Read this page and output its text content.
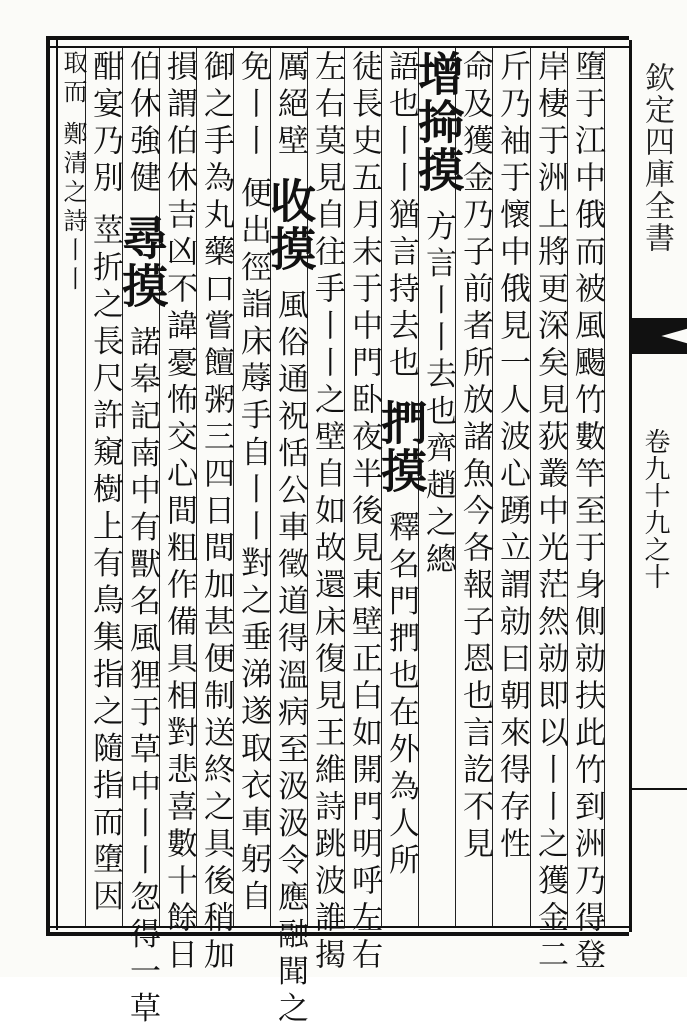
欽定四庫全書
卷九十九之十
墮于江中俄而被風颺竹數竿至于身側勍扶此竹到洲乃得登
岸棲于洲上將更深矣見荻叢中光茫然勍即以丨丨之獲金二
斤乃袖于懷中俄見一人波心踴立謂勍曰朝來得存性
命及獲金乃子前者所放諸魚今各報子恩也言訖不見
增掵摸 方言丨丨去也齊趙之總
語也丨丨猶言持去也 捫摸 釋名門捫也在外為人所
徒長史五月末于中門卧夜半後見東壁正白如開門明呼左右
左右莫見自往手丨丨之壁自如故還床復見王維詩跳波誰揭
厲絕壁 收摸 風俗通祝恬公車徵道得溫病至汲汲令應融聞之
免丨丨 便出徑詣床蓐手自丨丨對之垂涕遂取衣車躬自
御之手為丸藥口嘗饘粥三四日間加甚便制送終之具後稍加
損謂伯休吉凶不諱憂怖交心間粗作備具相對悲喜數十餘日
伯休強健 尋摸 諾皋記南中有獸名風狸于草中丨丨忽得一草
酣宴乃別 莖折之長尺許窺樹上有鳥集指之隨指而墮因
取而 鄭清之詩丨丨
